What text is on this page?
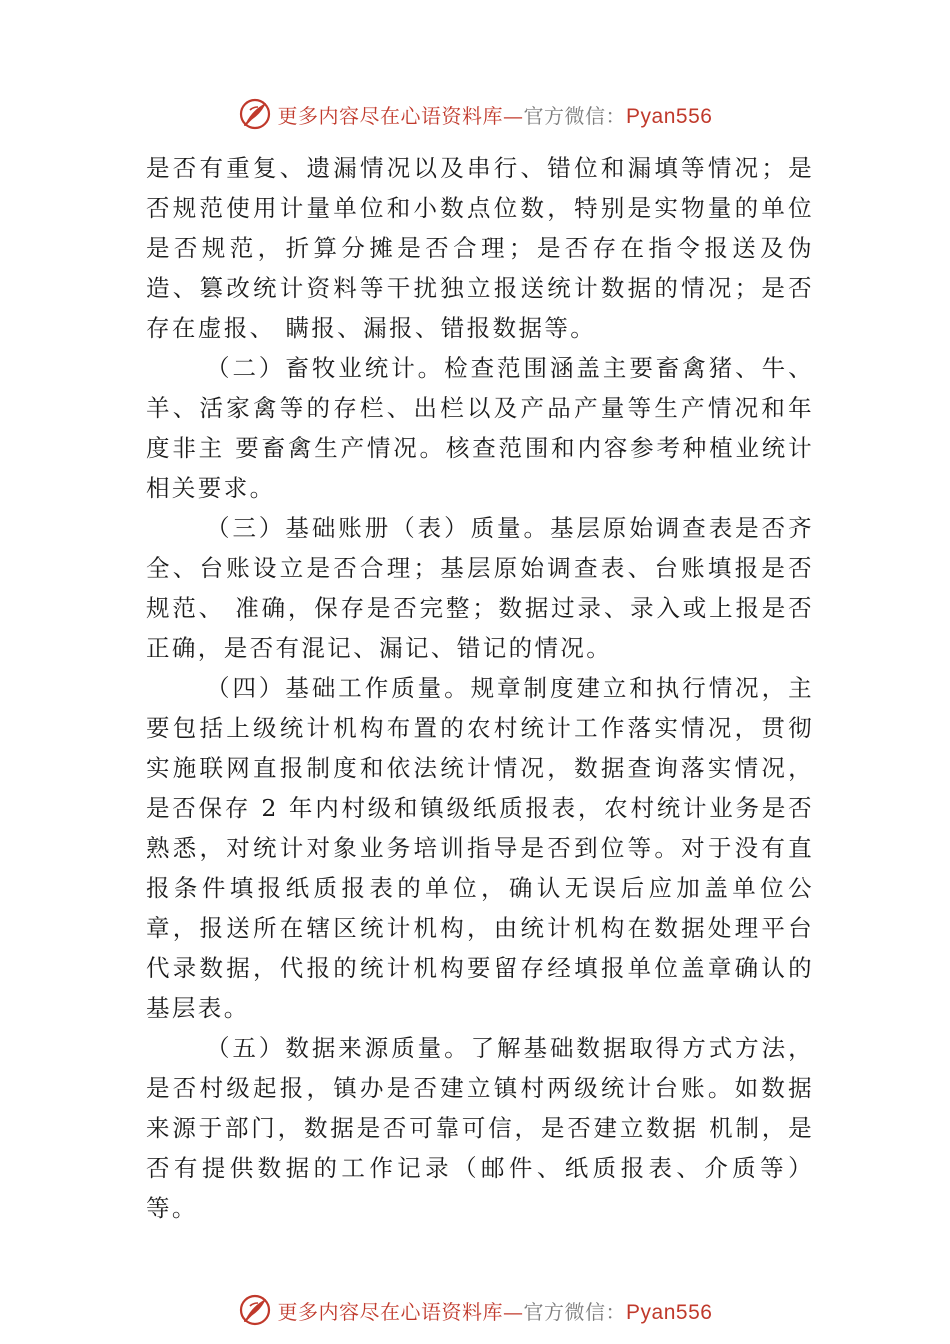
更多内容尽在心语资料库—官方微信：Pyan556

是否有重复、遗漏情况以及串行、错位和漏填等情况；是否规范使用计量单位和小数点位数，特别是实物量的单位是否规范，折算分摊是否合理；是否存在指令报送及伪造、篡改统计资料等干扰独立报送统计数据的情况；是否存在虚报、 瞒报、漏报、错报数据等。

（二）畜牧业统计。检查范围涵盖主要畜禽猪、牛、羊、活家禽等的存栏、出栏以及产品产量等生产情况和年度非主 要畜禽生产情况。核查范围和内容参考种植业统计相关要求。

（三）基础账册（表）质量。基层原始调查表是否齐全、台账设立是否合理；基层原始调查表、台账填报是否规范、 准确，保存是否完整；数据过录、录入或上报是否正确，是否有混记、漏记、错记的情况。

（四）基础工作质量。规章制度建立和执行情况，主要包括上级统计机构布置的农村统计工作落实情况，贯彻实施联网直报制度和依法统计情况，数据查询落实情况，是否保存 2 年内村级和镇级纸质报表，农村统计业务是否熟悉，对统计对象业务培训指导是否到位等。对于没有直报条件填报纸质报表的单位，确认无误后应加盖单位公章，报送所在辖区统计机构，由统计机构在数据处理平台代录数据，代报的统计机构要留存经填报单位盖章确认的基层表。

（五）数据来源质量。了解基础数据取得方式方法，是否村级起报，镇办是否建立镇村两级统计台账。如数据来源于部门，数据是否可靠可信，是否建立数据 机制，是否有提供数据的工作记录（邮件、纸质报表、介质等）等。

更多内容尽在心语资料库—官方微信：Pyan556
